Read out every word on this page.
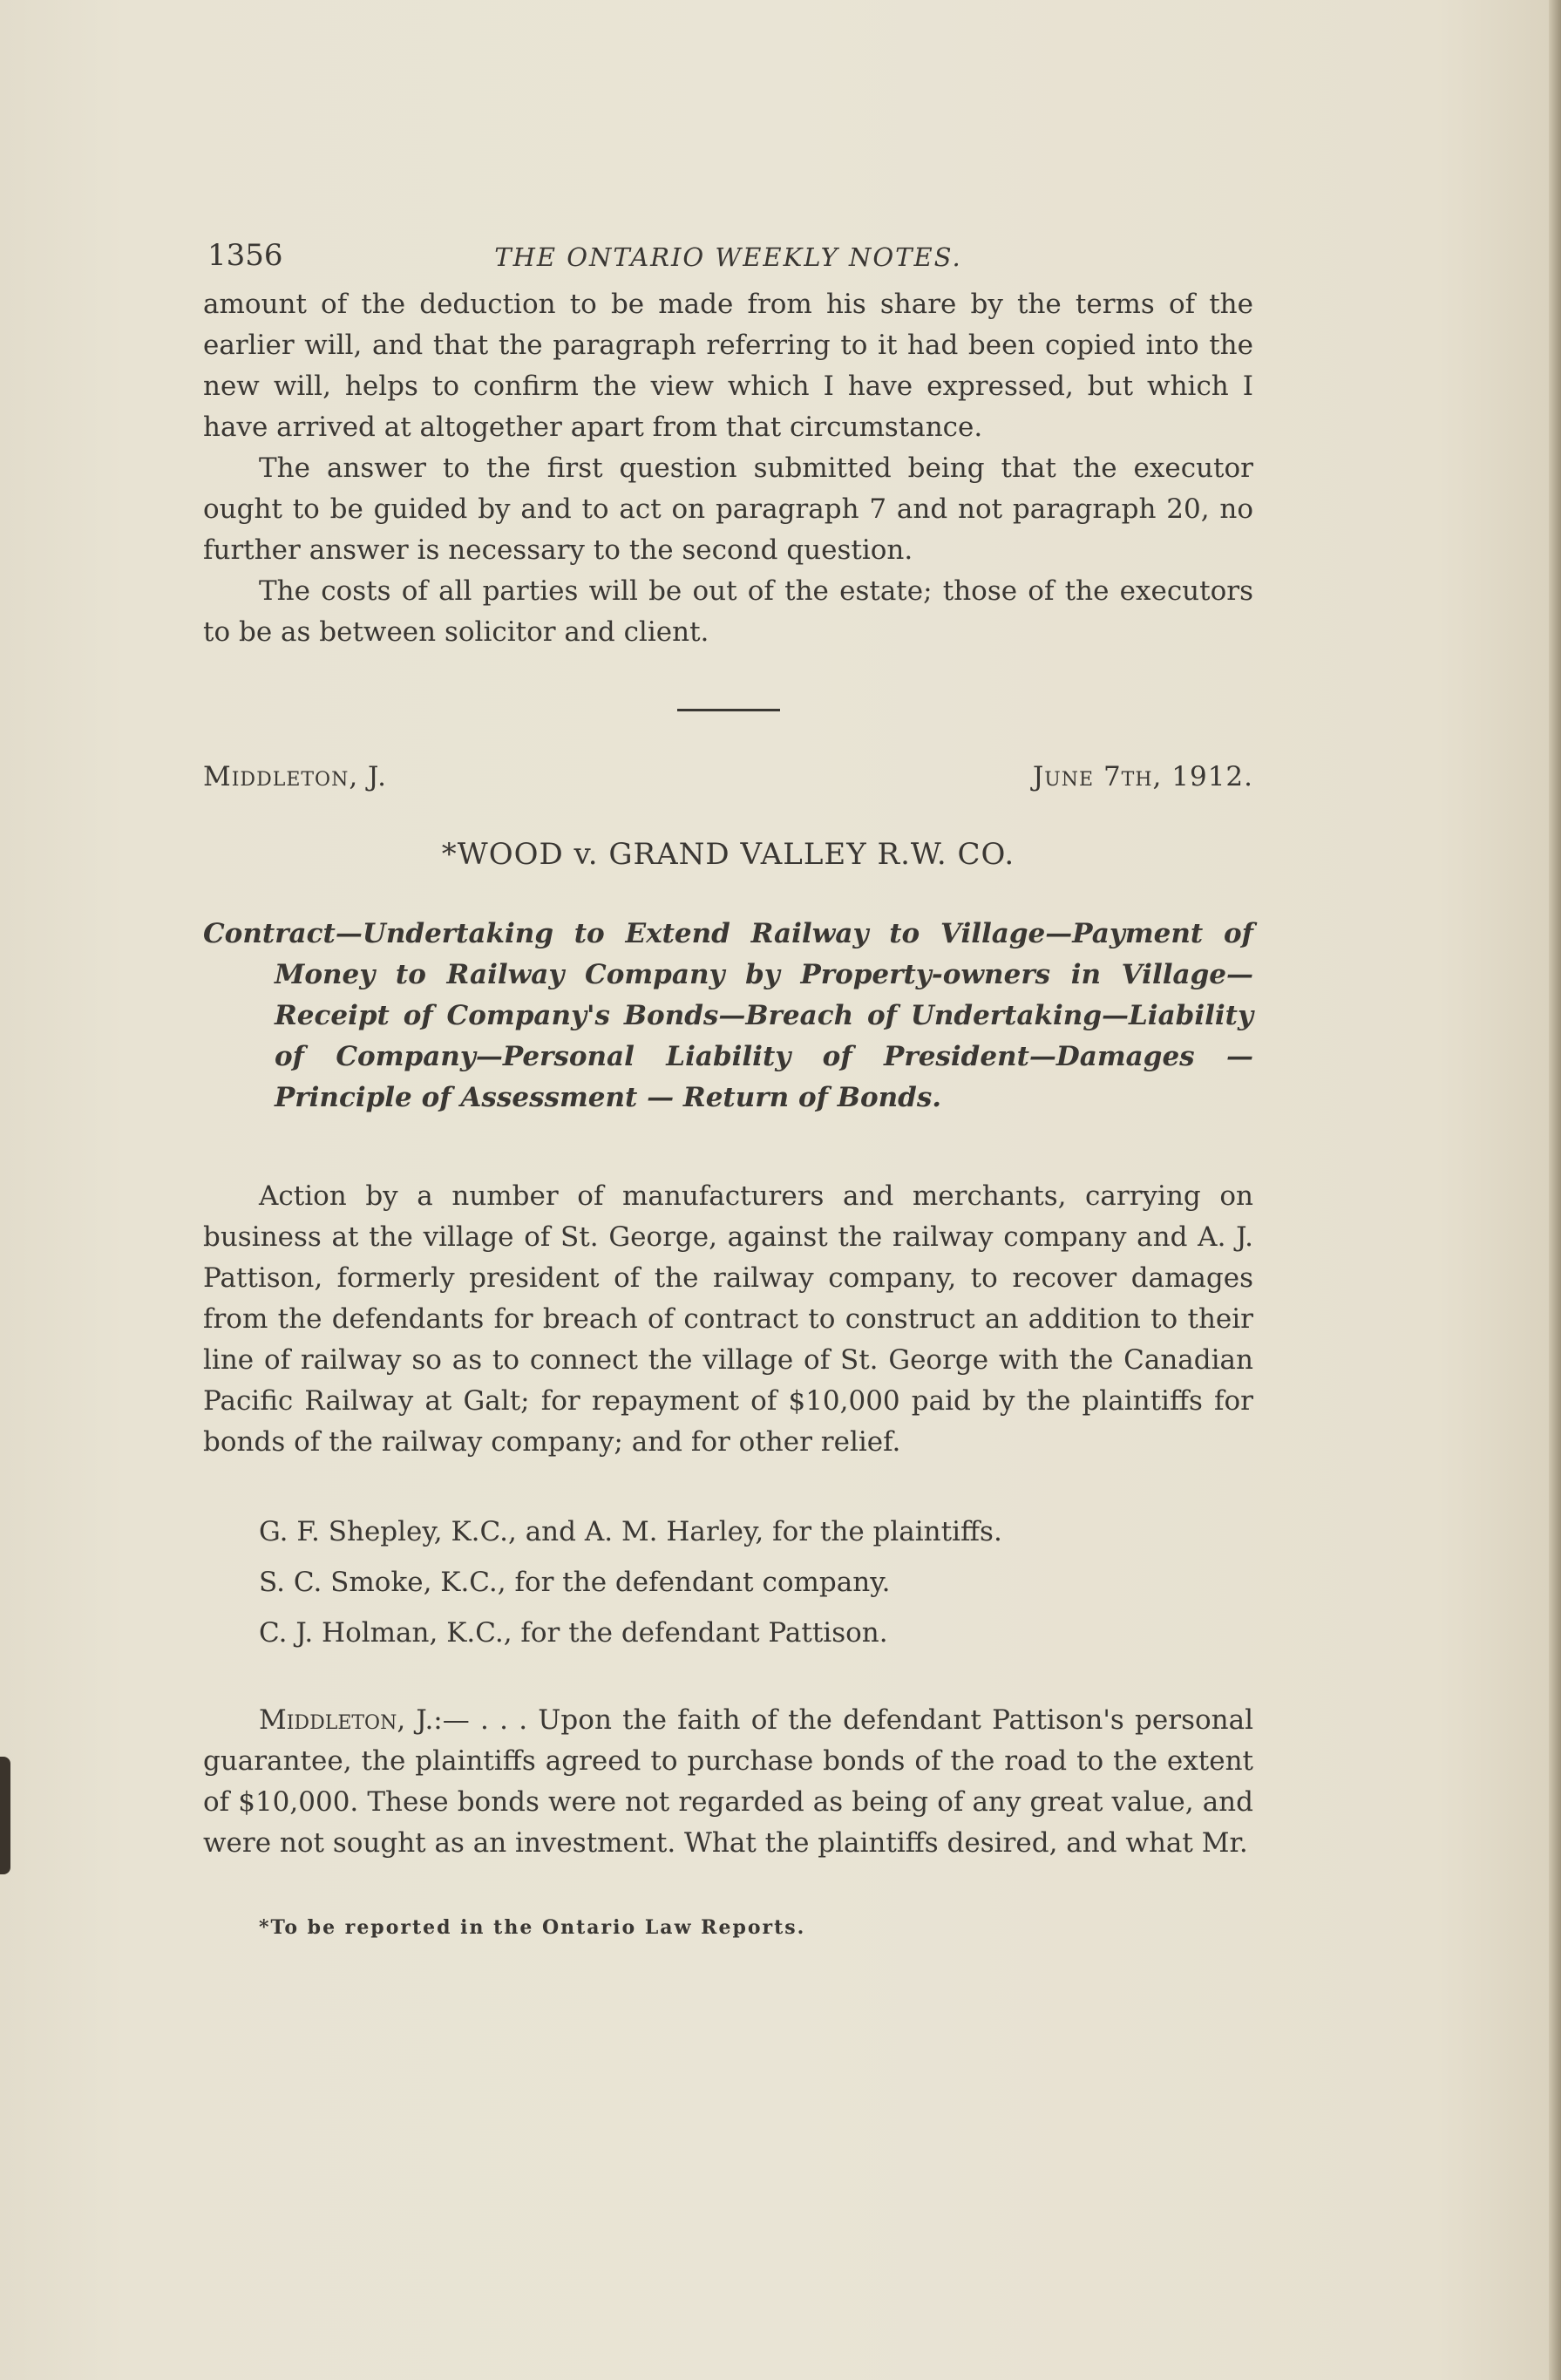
1356	THE ONTARIO WEEKLY NOTES.

amount of the deduction to be made from his share by the terms of the earlier will, and that the paragraph referring to it had been copied into the new will, helps to confirm the view which I have expressed, but which I have arrived at altogether apart from that circumstance.

The answer to the first question submitted being that the executor ought to be guided by and to act on paragraph 7 and not paragraph 20, no further answer is necessary to the second question.

The costs of all parties will be out of the estate; those of the executors to be as between solicitor and client.

Middleton, J.	June 7th, 1912.
*WOOD v. GRAND VALLEY R.W. CO.

Contract—Undertaking to Extend Railway to Village—Payment of Money to Railway Company by Property-owners in Village—Receipt of Company's Bonds—Breach of Undertaking—Liability of Company—Personal Liability of President—Damages — Principle of Assessment — Return of Bonds.

Action by a number of manufacturers and merchants, carrying on business at the village of St. George, against the railway company and A. J. Pattison, formerly president of the railway company, to recover damages from the defendants for breach of contract to construct an addition to their line of railway so as to connect the village of St. George with the Canadian Pacific Railway at Galt; for repayment of $10,000 paid by the plaintiffs for bonds of the railway company; and for other relief.

G. F. Shepley, K.C., and A. M. Harley, for the plaintiffs.

S. C. Smoke, K.C., for the defendant company.

C. J. Holman, K.C., for the defendant Pattison.

Middleton, J.:— . . . Upon the faith of the defendant Pattison's personal guarantee, the plaintiffs agreed to purchase bonds of the road to the extent of $10,000. These bonds were not regarded as being of any great value, and were not sought as an investment. What the plaintiffs desired, and what Mr.

*To be reported in the Ontario Law Reports.
